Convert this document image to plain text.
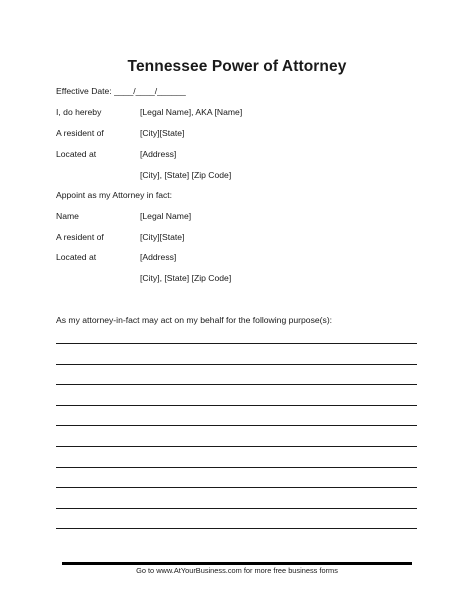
Tennessee Power of Attorney
Effective Date: ____/____/______
I, do hereby	[Legal Name], AKA [Name]
A resident of	[City][State]
Located at	[Address]
[City], [State] [Zip Code]
Appoint as my Attorney in fact:
Name	[Legal Name]
A resident of	[City][State]
Located at	[Address]
[City], [State] [Zip Code]
As my attorney-in-fact may act on my behalf for the following purpose(s):
Go to www.AtYourBusiness.com for more free business forms
